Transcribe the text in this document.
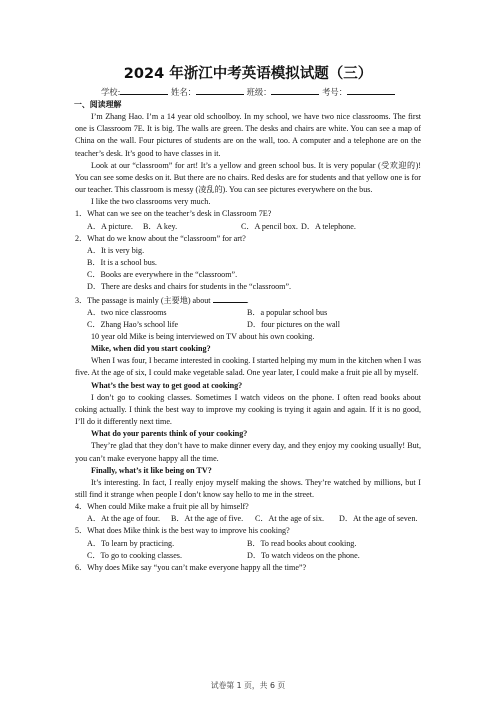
2024 年浙江中考英语模拟试题（三）
学校:	姓名：	班级：	考号：
一、阅读理解

I’m Zhang Hao. I’m a 14 year old schoolboy. In my school, we have two nice classrooms. The first one is Classroom 7E. It is big. The walls are green. The desks and chairs are white. You can see a map of China on the wall. Four pictures of students are on the wall, too. A computer and a telephone are on the teacher’s desk. It’s good to have classes in it.

Look at our “classroom” for art! It’s a yellow and green school bus. It is very popular (受欢迎的)! You can see some desks on it. But there are no chairs. Red desks are for students and that yellow one is for our teacher. This classroom is messy (凌乱的). You can see pictures everywhere on the bus.

I like the two classrooms very much.

1．What can we see on the teacher’s desk in Classroom 7E?

A．A picture. B．A key.	C．A pencil box. D．A telephone.

2．What do we know about the “classroom” for art?

A．It is very big.

B．It is a school bus.

C．Books are everywhere in the “classroom”.

D．There are desks and chairs for students in the “classroom”.

3．The passage is mainly (主要地) about	.

A．two nice classrooms	B．a popular school bus

C．Zhang Hao’s school life	D．four pictures on the wall

10 year old Mike is being interviewed on TV about his own cooking.

Mike, when did you start cooking?

When I was four, I became interested in cooking. I started helping my mum in the kitchen when I was five. At the age of six, I could make vegetable salad. One year later, I could make a fruit pie all by myself.

What’s the best way to get good at cooking?

I don’t go to cooking classes. Sometimes I watch videos on the phone. I often read books about coking actually. I think the best way to improve my cooking is trying it again and again. If it is no good, I’ll do it differently next time.

What do your parents think of your cooking?

They’re glad that they don’t have to make dinner every day, and they enjoy my cooking usually! But, you can’t make everyone happy all the time.

Finally, what’s it like being on TV?

It’s interesting. In fact, I really enjoy myself making the shows. They’re watched by millions, but I still find it strange when people I don’t know say hello to me in the street.

4．When could Mike make a fruit pie all by himself?

A．At the age of four. B．At the age of five. C．At the age of six. D．At the age of seven.

5．What does Mike think is the best way to improve his cooking?

A．To learn by practicing.	B．To read books about cooking.

C．To go to cooking classes.	D．To watch videos on the phone.

6．Why does Mike say “you can’t make everyone happy all the time”?

试卷第 1 页，共 6 页
